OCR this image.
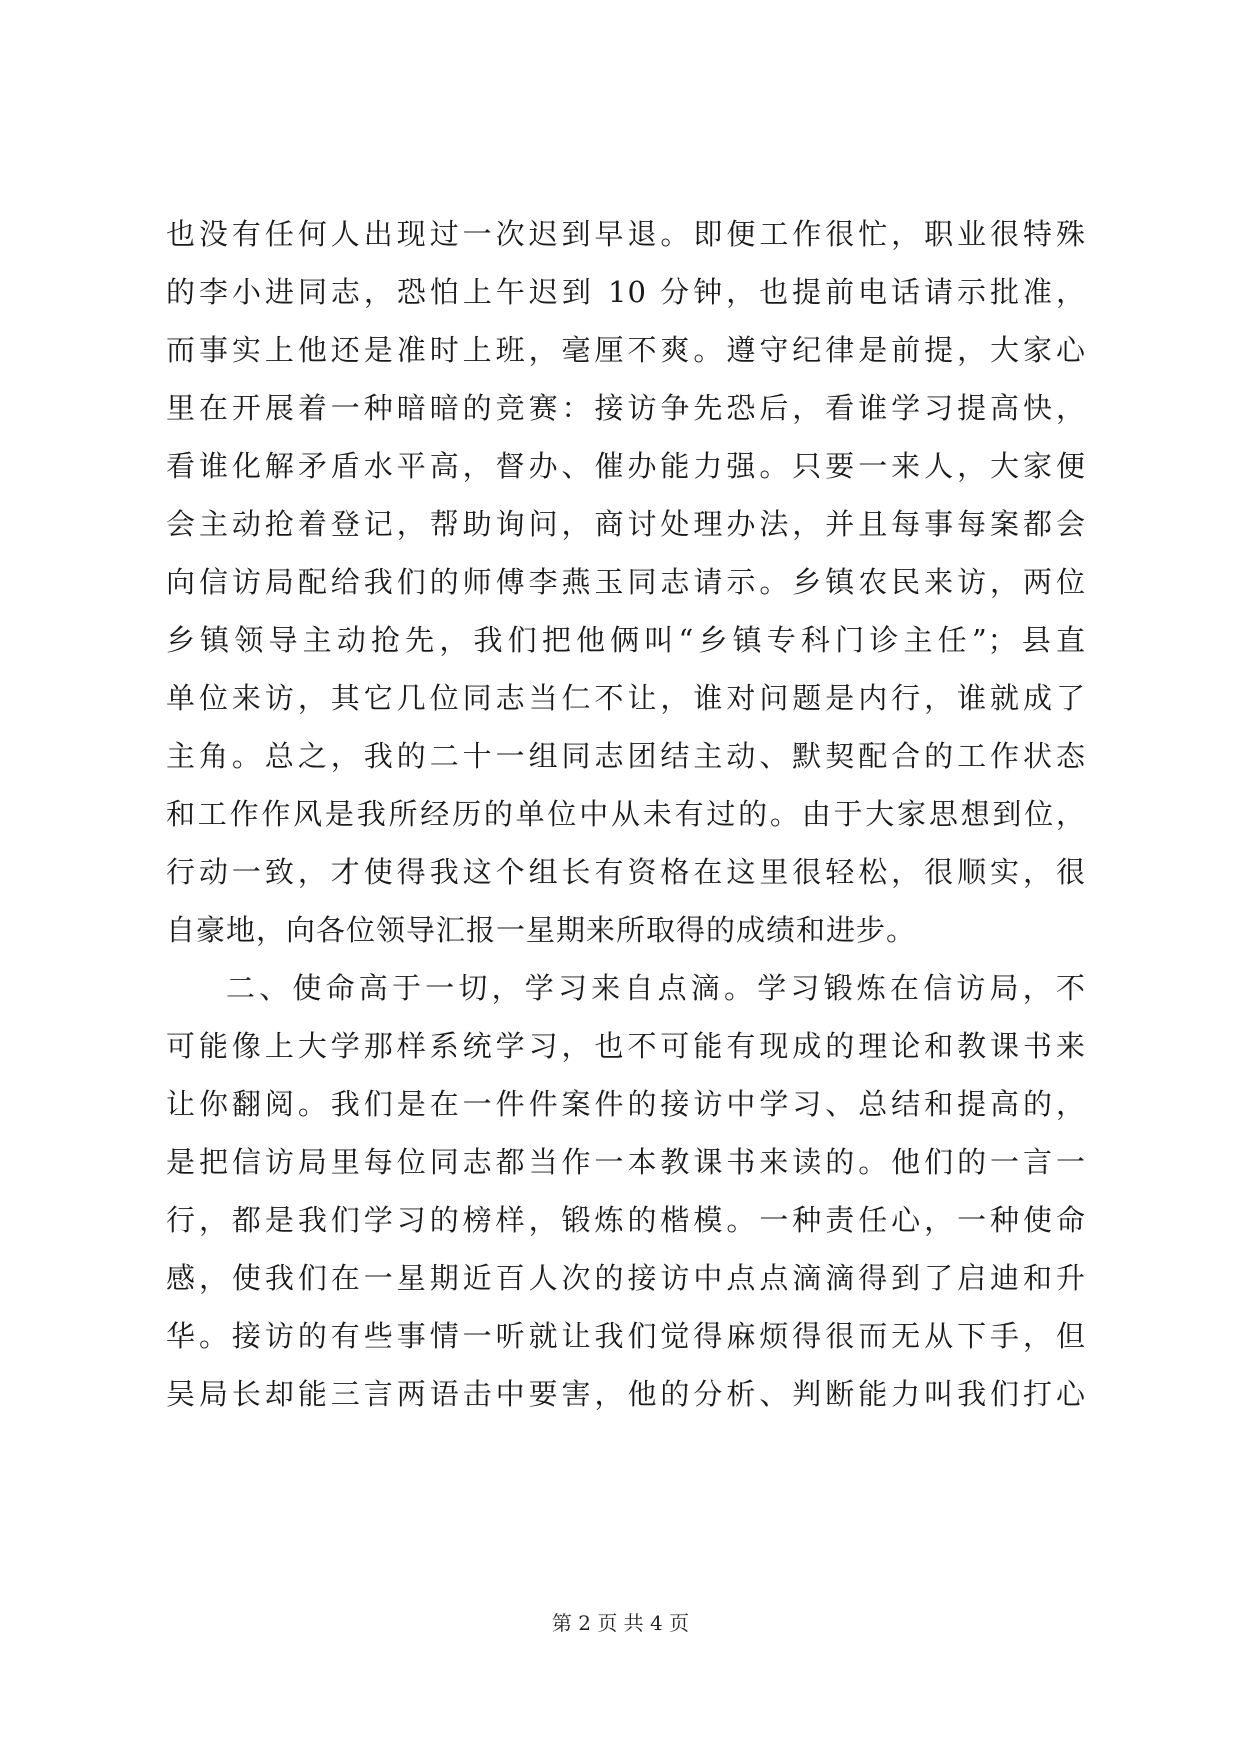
也没有任何人出现过一次迟到早退。即便工作很忙，职业很特殊
的李小进同志，恐怕上午迟到 10 分钟，也提前电话请示批准，
而事实上他还是准时上班，毫厘不爽。遵守纪律是前提，大家心
里在开展着一种暗暗的竞赛：接访争先恐后，看谁学习提高快，
看谁化解矛盾水平高，督办、催办能力强。只要一来人，大家便
会主动抢着登记，帮助询问，商讨处理办法，并且每事每案都会
向信访局配给我们的师傅李燕玉同志请示。乡镇农民来访，两位
乡镇领导主动抢先，我们把他俩叫“乡镇专科门诊主任”；县直
单位来访，其它几位同志当仁不让，谁对问题是内行，谁就成了
主角。总之，我的二十一组同志团结主动、默契配合的工作状态
和工作作风是我所经历的单位中从未有过的。由于大家思想到位，
行动一致，才使得我这个组长有资格在这里很轻松，很顺实，很
自豪地，向各位领导汇报一星期来所取得的成绩和进步。
二、使命高于一切，学习来自点滴。学习锻炼在信访局，不
可能像上大学那样系统学习，也不可能有现成的理论和教课书来
让你翻阅。我们是在一件件案件的接访中学习、总结和提高的，
是把信访局里每位同志都当作一本教课书来读的。他们的一言一
行，都是我们学习的榜样，锻炼的楷模。一种责任心，一种使命
感，使我们在一星期近百人次的接访中点点滴滴得到了启迪和升
华。接访的有些事情一听就让我们觉得麻烦得很而无从下手，但
吴局长却能三言两语击中要害，他的分析、判断能力叫我们打心
第 2 页 共 4 页
